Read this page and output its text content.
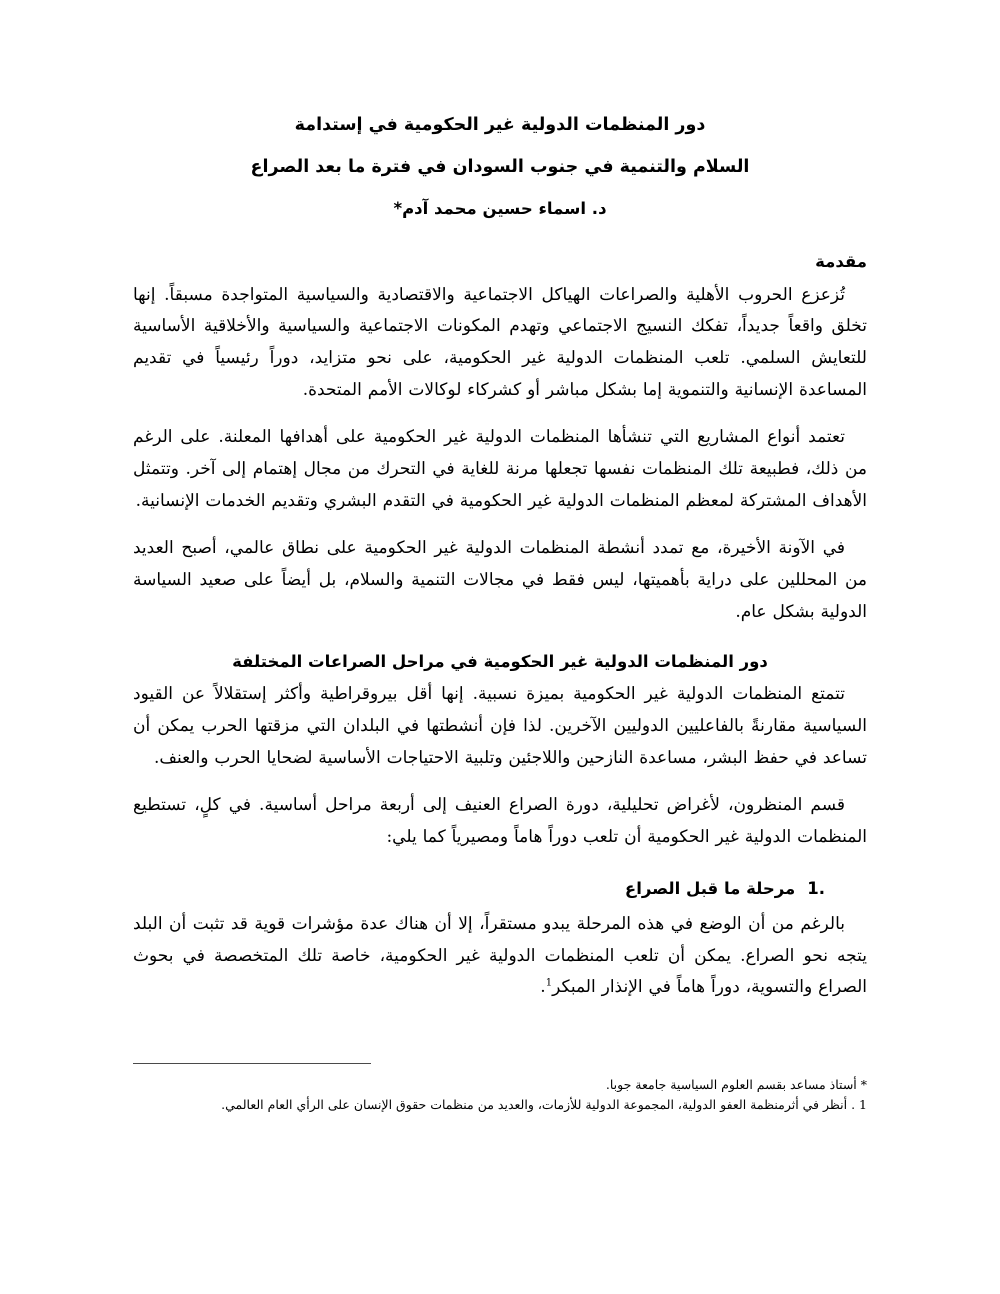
دور المنظمات الدولية غير الحكومية في إستدامة
السلام والتنمية في جنوب السودان في فترة ما بعد الصراع
د. اسماء حسين محمد آدم*
مقدمة

تُزعزع الحروب الأهلية والصراعات الهياكل الاجتماعية والاقتصادية والسياسية المتواجدة مسبقاً. إنها تخلق واقعاً جديداً، تفكك النسيج الاجتماعي وتهدم المكونات الاجتماعية والسياسية والأخلاقية الأساسية للتعايش السلمي. تلعب المنظمات الدولية غير الحكومية، على نحو متزايد، دوراً رئيسياً في تقديم المساعدة الإنسانية والتنموية إما بشكل مباشر أو كشركاء لوكالات الأمم المتحدة.

تعتمد أنواع المشاريع التي تنشأها المنظمات الدولية غير الحكومية على أهدافها المعلنة. على الرغم من ذلك، فطبيعة تلك المنظمات نفسها تجعلها مرنة للغاية في التحرك من مجال إهتمام إلى آخر. وتتمثل الأهداف المشتركة لمعظم المنظمات الدولية غير الحكومية في التقدم البشري وتقديم الخدمات الإنسانية.

في الآونة الأخيرة، مع تمدد أنشطة المنظمات الدولية غير الحكومية على نطاق عالمي، أصبح العديد من المحللين على دراية بأهميتها، ليس فقط في مجالات التنمية والسلام، بل أيضاً على صعيد السياسة الدولية بشكل عام.

دور المنظمات الدولية غير الحكومية في مراحل الصراعات المختلفة

تتمتع المنظمات الدولية غير الحكومية بميزة نسبية. إنها أقل بيروقراطية وأكثر إستقلالاً عن القيود السياسية مقارنةً بالفاعليين الدوليين الآخرين. لذا فإن أنشطتها في البلدان التي مزقتها الحرب يمكن أن تساعد في حفظ البشر، مساعدة النازحين واللاجئين وتلبية الاحتياجات الأساسية لضحايا الحرب والعنف.

قسم المنظرون، لأغراض تحليلية، دورة الصراع العنيف إلى أربعة مراحل أساسية. في كلٍ، تستطيع المنظمات الدولية غير الحكومية أن تلعب دوراً هاماً ومصيرياً كما يلي:

1.مرحلة ما قبل الصراع

بالرغم من أن الوضع في هذه المرحلة يبدو مستقراً، إلا أن هناك عدة مؤشرات قوية قد تثبت أن البلد يتجه نحو الصراع. يمكن أن تلعب المنظمات الدولية غير الحكومية، خاصة تلك المتخصصة في بحوث الصراع والتسوية، دوراً هاماً في الإنذار المبكر$^1$.

* أستاذ مساعد بقسم العلوم السياسية جامعة جوبا.

1 . أنظر في أثرمنظمة العفو الدولية، المجموعة الدولية للأزمات، والعديد من منظمات حقوق الإنسان على الرأي العام العالمي.
